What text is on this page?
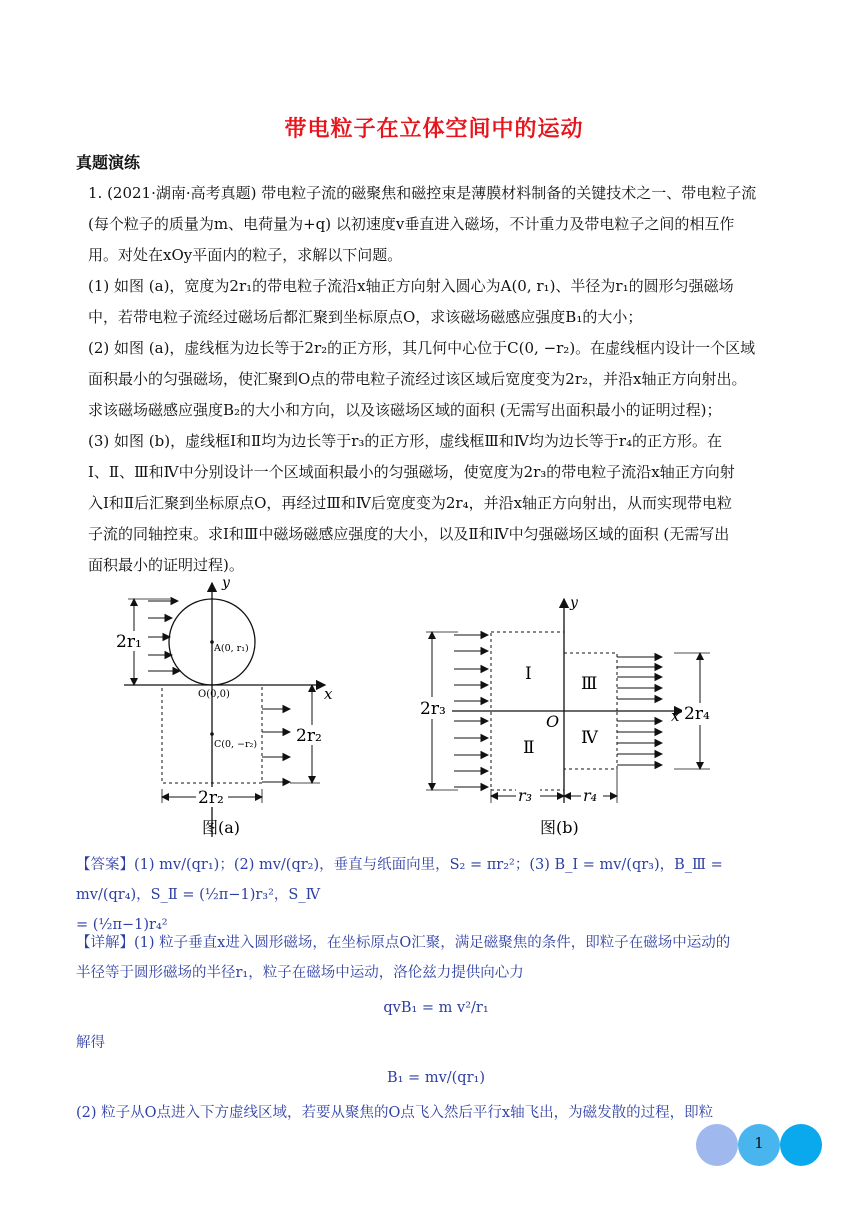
带电粒子在立体空间中的运动
真题演练

1. (2021·湖南·高考真题) 带电粒子流的磁聚焦和磁控束是薄膜材料制备的关键技术之一、带电粒子流

(每个粒子的质量为m、电荷量为+q) 以初速度v垂直进入磁场，不计重力及带电粒子之间的相互作

用。对处在xOy平面内的粒子，求解以下问题。

(1) 如图 (a)，宽度为2r₁的带电粒子流沿x轴正方向射入圆心为A(0, r₁)、半径为r₁的圆形匀强磁场

中，若带电粒子流经过磁场后都汇聚到坐标原点O，求该磁场磁感应强度B₁的大小；

(2) 如图 (a)，虚线框为边长等于2r₂的正方形，其几何中心位于C(0, −r₂)。在虚线框内设计一个区域

面积最小的匀强磁场，使汇聚到O点的带电粒子流经过该区域后宽度变为2r₂，并沿x轴正方向射出。

求该磁场磁感应强度B₂的大小和方向，以及该磁场区域的面积 (无需写出面积最小的证明过程)；

(3) 如图 (b)，虚线框Ⅰ和Ⅱ均为边长等于r₃的正方形，虚线框Ⅲ和Ⅳ均为边长等于r₄的正方形。在

Ⅰ、Ⅱ、Ⅲ和Ⅳ中分别设计一个区域面积最小的匀强磁场，使宽度为2r₃的带电粒子流沿x轴正方向射

入Ⅰ和Ⅱ后汇聚到坐标原点O，再经过Ⅲ和Ⅳ后宽度变为2r₄，并沿x轴正方向射出，从而实现带电粒

子流的同轴控束。求Ⅰ和Ⅲ中磁场磁感应强度的大小，以及Ⅱ和Ⅳ中匀强磁场区域的面积 (无需写出

面积最小的证明过程)。

y
x
A(0, r₁)
2r₁
O(0,0)
C(0, −r₂) 2r₂
2r₂
图(a)
y
x
Ⅰ
Ⅱ
Ⅲ
Ⅳ
O
2r₃	2r₄
r₃	r₄
图(b)

【答案】(1) mv/(qr₁)；(2) mv/(qr₂)，垂直与纸面向里，S₂ = πr₂²；(3) B_Ⅰ = mv/(qr₃)，B_Ⅲ = mv/(qr₄)，S_Ⅱ = (½π−1)r₃²，S_Ⅳ

= (½π−1)r₄²

【详解】(1) 粒子垂直x进入圆形磁场，在坐标原点O汇聚，满足磁聚焦的条件，即粒子在磁场中运动的

半径等于圆形磁场的半径r₁，粒子在磁场中运动，洛伦兹力提供向心力

qvB₁ = m v²/r₁

解得

B₁ = mv/(qr₁)

(2) 粒子从O点进入下方虚线区域，若要从聚焦的O点飞入然后平行x轴飞出，为磁发散的过程，即粒

1
